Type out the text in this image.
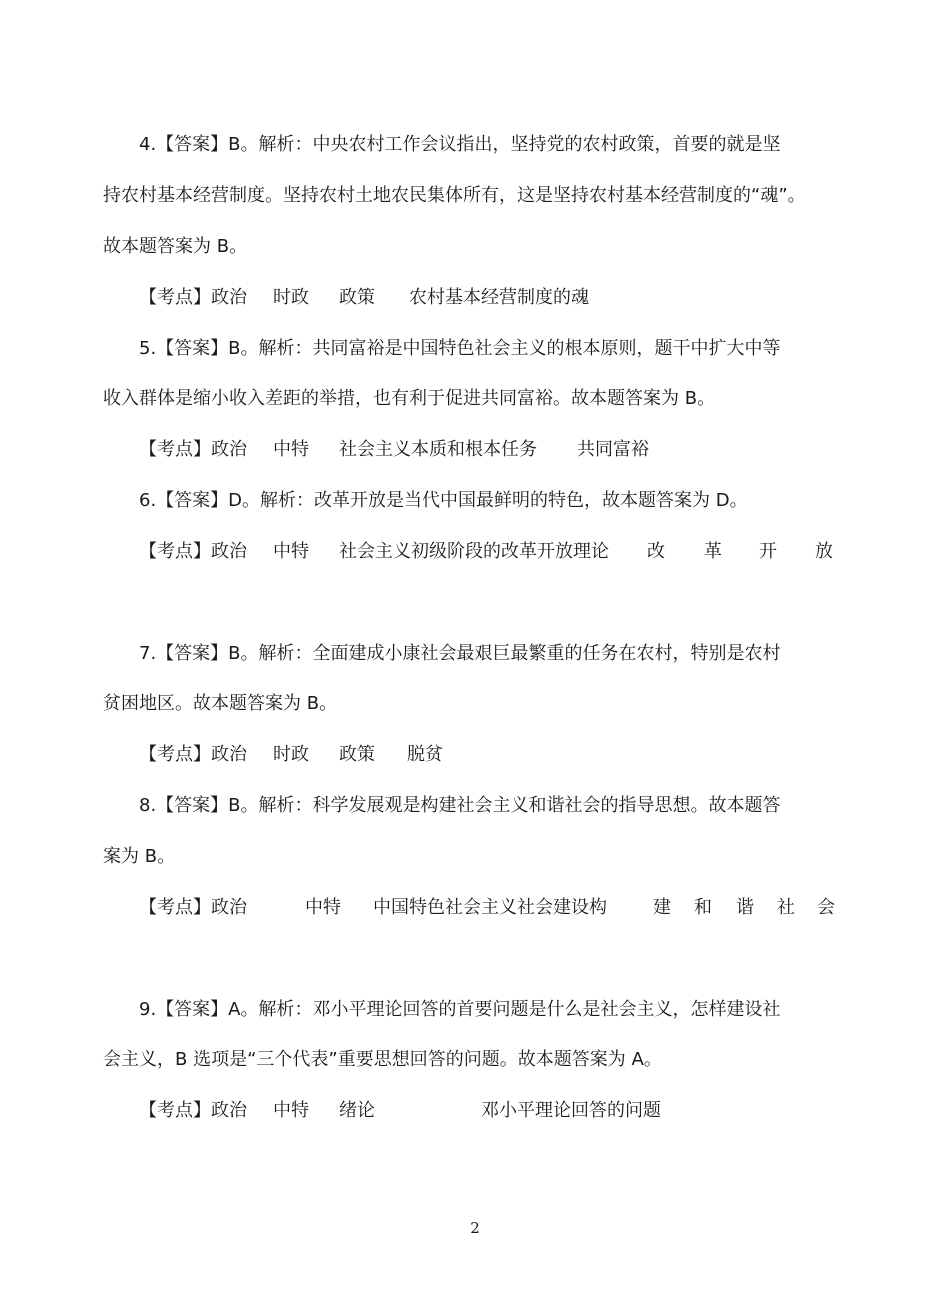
4.【答案】B。解析：中央农村工作会议指出，坚持党的农村政策，首要的就是坚
持农村基本经营制度。坚持农村土地农民集体所有，这是坚持农村基本经营制度的“魂”。
故本题答案为 B。
【考点】政治 时政 政策 农村基本经营制度的魂
5.【答案】B。解析：共同富裕是中国特色社会主义的根本原则，题干中扩大中等
收入群体是缩小收入差距的举措，也有利于促进共同富裕。故本题答案为 B。
【考点】政治 中特 社会主义本质和根本任务 共同富裕
6.【答案】D。解析：改革开放是当代中国最鲜明的特色，故本题答案为 D。
【考点】政治 中特 社会主义初级阶段的改革开放理论 改 革 开 放
7.【答案】B。解析：全面建成小康社会最艰巨最繁重的任务在农村，特别是农村
贫困地区。故本题答案为 B。
【考点】政治 时政 政策 脱贫
8.【答案】B。解析：科学发展观是构建社会主义和谐社会的指导思想。故本题答
案为 B。
【考点】政治	中特 中国特色社会主义社会建设构	建 和 谐 社 会
9.【答案】A。解析：邓小平理论回答的首要问题是什么是社会主义，怎样建设社
会主义，B 选项是“三个代表”重要思想回答的问题。故本题答案为 A。
【考点】政治 中特 绪论	邓小平理论回答的问题
2
